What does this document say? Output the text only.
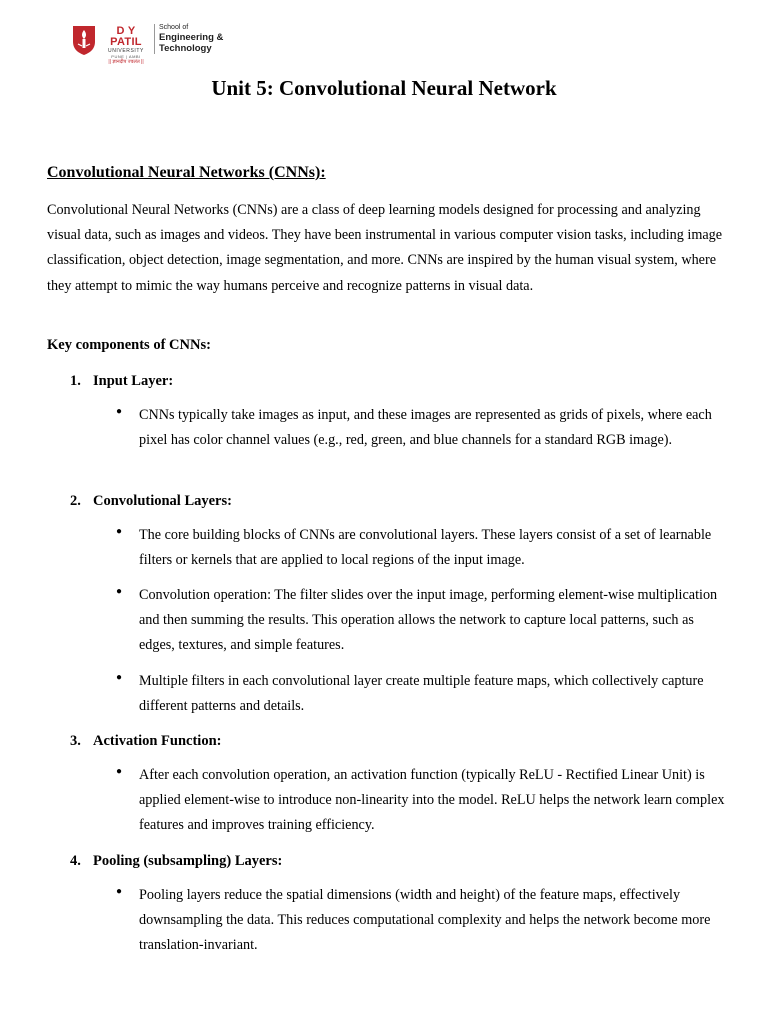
D Y PATIL
UNIVERSITY
PUNE | AMBI
|| ज्ञानदीप ज्वलंत ||
School of
Engineering &
Technology
Unit 5: Convolutional Neural Network
Convolutional Neural Networks (CNNs):

Convolutional Neural Networks (CNNs) are a class of deep learning models designed for processing and analyzing visual data, such as images and videos. They have been instrumental in various computer vision tasks, including image classification, object detection, image segmentation, and more. CNNs are inspired by the human visual system, where they attempt to mimic the way humans perceive and recognize patterns in visual data.

Key components of CNNs:

1. Input Layer:

●	CNNs typically take images as input, and these images are represented as grids of pixels, where each pixel has color channel values (e.g., red, green, and blue channels for a standard RGB image).

2. Convolutional Layers:

●	The core building blocks of CNNs are convolutional layers. These layers consist of a set of learnable filters or kernels that are applied to local regions of the input image.
●	Convolution operation: The filter slides over the input image, performing element-wise multiplication and then summing the results. This operation allows the network to capture local patterns, such as edges, textures, and simple features.
●	Multiple filters in each convolutional layer create multiple feature maps, which collectively capture different patterns and details.

3. Activation Function:

●	After each convolution operation, an activation function (typically ReLU - Rectified Linear Unit) is applied element-wise to introduce non-linearity into the model. ReLU helps the network learn complex features and improves training efficiency.

4. Pooling (subsampling) Layers:

●	Pooling layers reduce the spatial dimensions (width and height) of the feature maps, effectively downsampling the data. This reduces computational complexity and helps the network become more translation-invariant.
